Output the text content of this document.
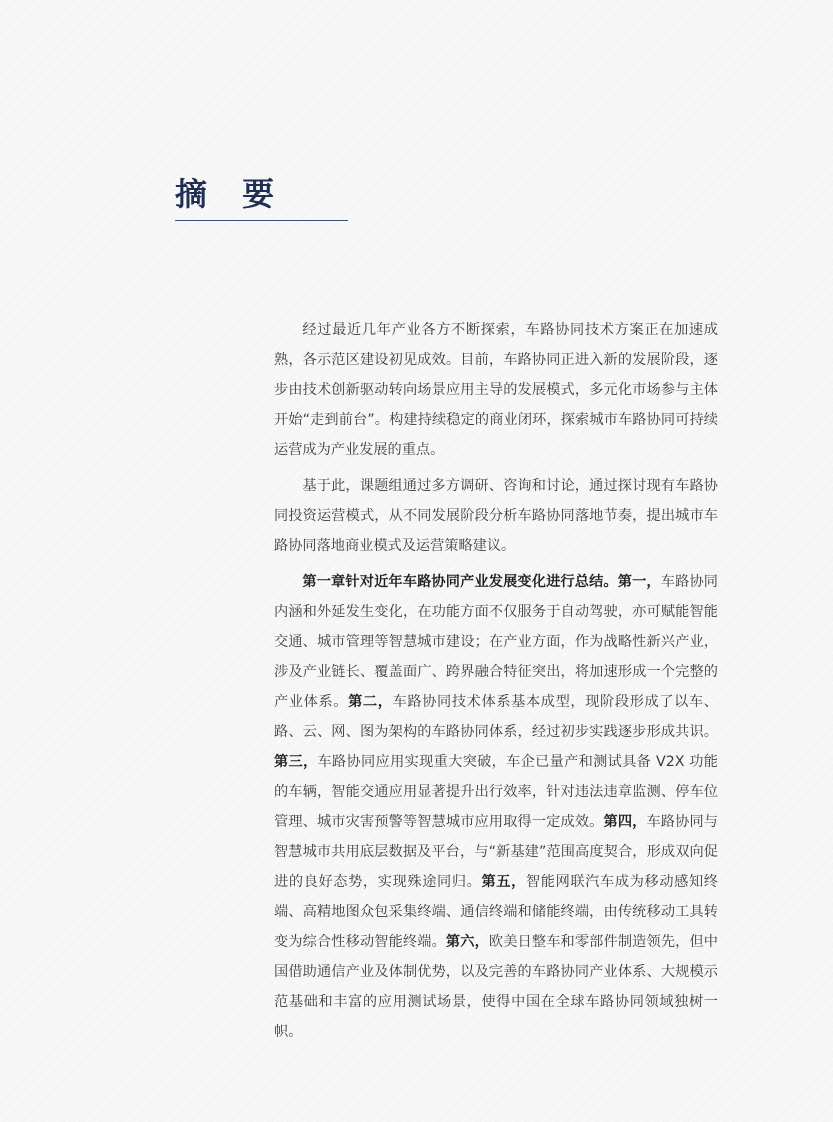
摘 要

经过最近几年产业各方不断探索，车路协同技术方案正在加速成熟，各示范区建设初见成效。目前，车路协同正进入新的发展阶段，逐步由技术创新驱动转向场景应用主导的发展模式，多元化市场参与主体开始“走到前台”。构建持续稳定的商业闭环，探索城市车路协同可持续运营成为产业发展的重点。

基于此，课题组通过多方调研、咨询和讨论，通过探讨现有车路协同投资运营模式，从不同发展阶段分析车路协同落地节奏，提出城市车路协同落地商业模式及运营策略建议。

第一章针对近年车路协同产业发展变化进行总结。第一，车路协同内涵和外延发生变化，在功能方面不仅服务于自动驾驶，亦可赋能智能交通、城市管理等智慧城市建设；在产业方面，作为战略性新兴产业，涉及产业链长、覆盖面广、跨界融合特征突出，将加速形成一个完整的产业体系。第二，车路协同技术体系基本成型，现阶段形成了以车、路、云、网、图为架构的车路协同体系，经过初步实践逐步形成共识。第三，车路协同应用实现重大突破，车企已量产和测试具备 V2X 功能的车辆，智能交通应用显著提升出行效率，针对违法违章监测、停车位管理、城市灾害预警等智慧城市应用取得一定成效。第四，车路协同与智慧城市共用底层数据及平台，与“新基建”范围高度契合，形成双向促进的良好态势，实现殊途同归。第五，智能网联汽车成为移动感知终端、高精地图众包采集终端、通信终端和储能终端，由传统移动工具转变为综合性移动智能终端。第六，欧美日整车和零部件制造领先，但中国借助通信产业及体制优势，以及完善的车路协同产业体系、大规模示范基础和丰富的应用测试场景，使得中国在全球车路协同领域独树一帜。
